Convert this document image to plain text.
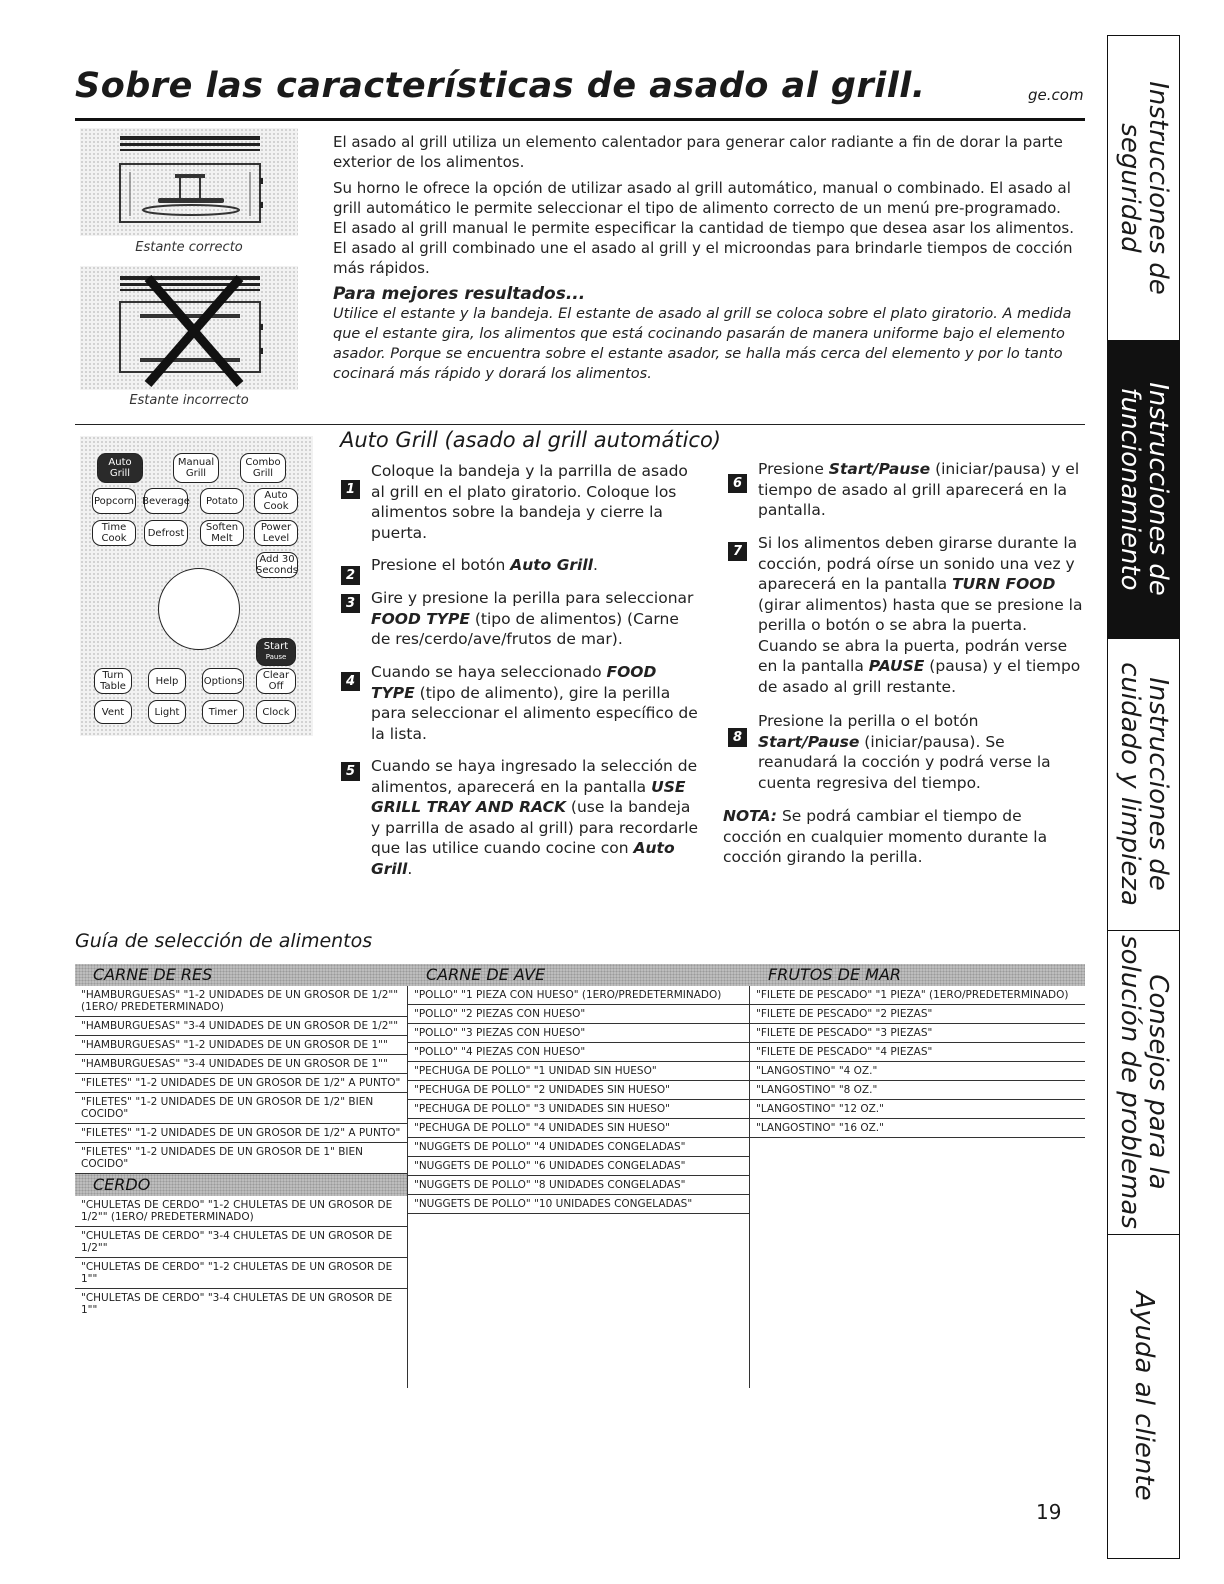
Sobre las características de asado al grill.	ge.com
Estante correcto
Estante incorrecto

El asado al grill utiliza un elemento calentador para generar calor radiante a fin de dorar la parte exterior de los alimentos.

Su horno le ofrece la opción de utilizar asado al grill automático, manual o combinado. El asado al grill automático le permite seleccionar el tipo de alimento correcto de un menú pre-programado. El asado al grill manual le permite especificar la cantidad de tiempo que desea asar los alimentos. El asado al grill combinado une el asado al grill y el microondas para brindarle tiempos de cocción más rápidos.

Para mejores resultados...
Utilice el estante y la bandeja. El estante de asado al grill se coloca sobre el plato giratorio. A medida que el estante gira, los alimentos que está cocinando pasarán de manera uniforme bajo el elemento asador. Porque se encuentra sobre el estante asador, se halla más cerca del elemento y por lo tanto cocinará más rápido y dorará los alimentos.
Auto Grill
Manual Grill
Combo Grill
Popcorn Beverage	Potato	Auto Cook
Time Cook	Defrost	Soften Melt
Power Level
Add 30 Seconds
Start
Pause
Turn Table	Help	Options	Clear Off
Vent	Light	Timer	Clock
Auto Grill (asado al grill automático)
1
Coloque la bandeja y la parrilla de asado al grill en el plato giratorio. Coloque los alimentos sobre la bandeja y cierre la puerta.
2
Presione el botón Auto Grill.
3	Gire y presione la perilla para seleccionar FOOD TYPE (tipo de alimentos) (Carne de res/cerdo/ave/frutos de mar).
4
Cuando se haya seleccionado FOOD TYPE (tipo de alimento), gire la perilla para seleccionar el alimento específico de la lista.
5	Cuando se haya ingresado la selección de alimentos, aparecerá en la pantalla USE GRILL TRAY AND RACK (use la bandeja y parrilla de asado al grill) para recordarle que las utilice cuando cocine con Auto Grill.
6
Presione Start/Pause (iniciar/pausa) y el tiempo de asado al grill aparecerá en la pantalla.
7	Si los alimentos deben girarse durante la cocción, podrá oírse un sonido una vez y aparecerá en la pantalla TURN FOOD (girar alimentos) hasta que se presione la perilla o botón o se abra la puerta. Cuando se abra la puerta, podrán verse en la pantalla PAUSE (pausa) y el tiempo de asado al grill restante.
8
Presione la perilla o el botón Start/Pause (iniciar/pausa). Se reanudará la cocción y podrá verse la cuenta regresiva del tiempo.
NOTA: Se podrá cambiar el tiempo de cocción en cualquier momento durante la cocción girando la perilla.
Guía de selección de alimentos
CARNE DE RES
"HAMBURGUESAS" "1-2 UNIDADES DE UN GROSOR DE 1/2"" (1ERO/ PREDETERMINADO)
"HAMBURGUESAS" "3-4 UNIDADES DE UN GROSOR DE 1/2""
"HAMBURGUESAS" "1-2 UNIDADES DE UN GROSOR DE 1""
"HAMBURGUESAS" "3-4 UNIDADES DE UN GROSOR DE 1""
"FILETES" "1-2 UNIDADES DE UN GROSOR DE 1/2" A PUNTO"
"FILETES" "1-2 UNIDADES DE UN GROSOR DE 1/2" BIEN COCIDO"
"FILETES" "1-2 UNIDADES DE UN GROSOR DE 1/2" A PUNTO"
"FILETES" "1-2 UNIDADES DE UN GROSOR DE 1" BIEN COCIDO"
CERDO
"CHULETAS DE CERDO" "1-2 CHULETAS DE UN GROSOR DE 1/2"" (1ERO/ PREDETERMINADO)
"CHULETAS DE CERDO" "3-4 CHULETAS DE UN GROSOR DE 1/2""
"CHULETAS DE CERDO" "1-2 CHULETAS DE UN GROSOR DE 1""
"CHULETAS DE CERDO" "3-4 CHULETAS DE UN GROSOR DE 1""
CARNE DE AVE
"POLLO" "1 PIEZA CON HUESO" (1ERO/PREDETERMINADO)
"POLLO" "2 PIEZAS CON HUESO"
"POLLO" "3 PIEZAS CON HUESO"
"POLLO" "4 PIEZAS CON HUESO"
"PECHUGA DE POLLO" "1 UNIDAD SIN HUESO"
"PECHUGA DE POLLO" "2 UNIDADES SIN HUESO"
"PECHUGA DE POLLO" "3 UNIDADES SIN HUESO"
"PECHUGA DE POLLO" "4 UNIDADES SIN HUESO"
"NUGGETS DE POLLO" "4 UNIDADES CONGELADAS"
"NUGGETS DE POLLO" "6 UNIDADES CONGELADAS"
"NUGGETS DE POLLO" "8 UNIDADES CONGELADAS"
"NUGGETS DE POLLO" "10 UNIDADES CONGELADAS"
FRUTOS DE MAR
"FILETE DE PESCADO" "1 PIEZA" (1ERO/PREDETERMINADO)
"FILETE DE PESCADO" "2 PIEZAS"
"FILETE DE PESCADO" "3 PIEZAS"
"FILETE DE PESCADO" "4 PIEZAS"
"LANGOSTINO" "4 OZ."
"LANGOSTINO" "8 OZ."
"LANGOSTINO" "12 OZ."
"LANGOSTINO" "16 OZ."
Instrucciones de
seguridad
Instrucciones de
funcionamiento
Instrucciones de
cuidado y limpieza
Consejos para la
solución de problemas
Ayuda al cliente
19
